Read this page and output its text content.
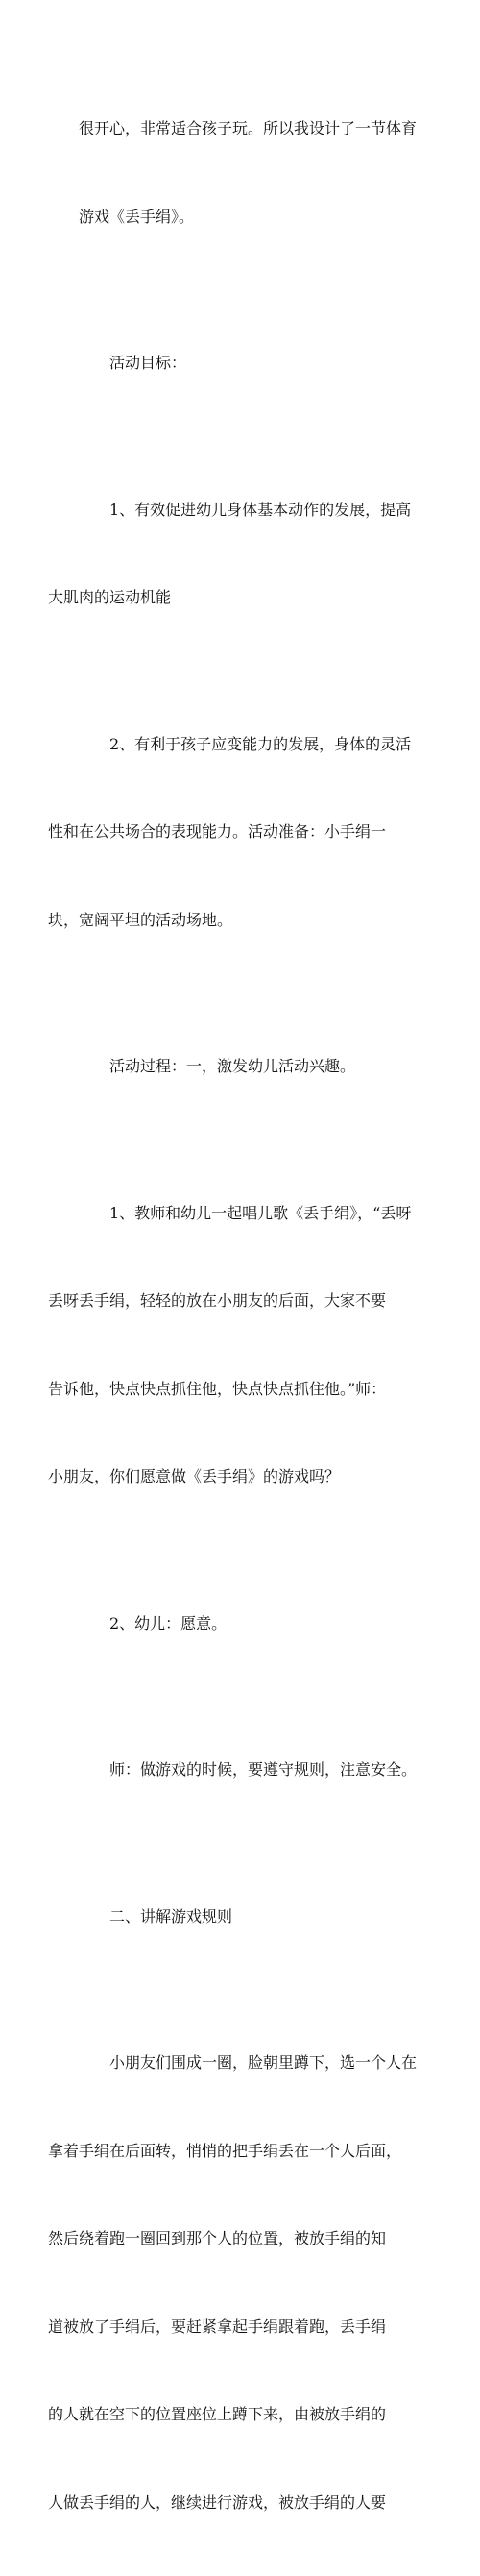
很开心，非常适合孩子玩。所以我设计了一节体育

游戏《丢手绢》。

活动目标：

1、有效促进幼儿身体基本动作的发展，提高

大肌肉的运动机能

2、有利于孩子应变能力的发展，身体的灵活

性和在公共场合的表现能力。活动准备：小手绢一

块，宽阔平坦的活动场地。

活动过程：一，激发幼儿活动兴趣。

1、教师和幼儿一起唱儿歌《丢手绢》，“丢呀

丢呀丢手绢，轻轻的放在小朋友的后面，大家不要

告诉他，快点快点抓住他，快点快点抓住他。”师：

小朋友，你们愿意做《丢手绢》的游戏吗？

2、幼儿：愿意。

师：做游戏的时候，要遵守规则，注意安全。

二、讲解游戏规则

小朋友们围成一圈，脸朝里蹲下，选一个人在

拿着手绢在后面转，悄悄的把手绢丢在一个人后面，

然后绕着跑一圈回到那个人的位置，被放手绢的知

道被放了手绢后，要赶紧拿起手绢跟着跑，丢手绢

的人就在空下的位置座位上蹲下来，由被放手绢的

人做丢手绢的人，继续进行游戏，被放手绢的人要
